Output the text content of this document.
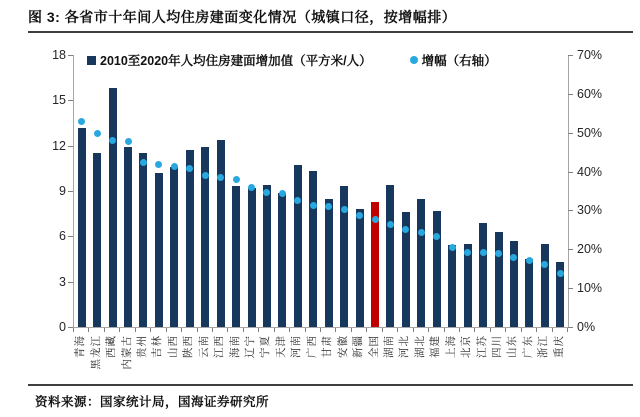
图 3: 各省市十年间人均住房建面变化情况（城镇口径，按增幅排）
2010至2020年人均住房建面增加值（平方米/人）	增幅（右轴）
青海 黑龙江 西藏 内蒙古 贵州 吉林 山西 陕西 云南 江西 海南 辽宁 宁夏 天津 河南 广西 甘肃 安徽 新疆 全国 湖南 河北 湖北 福建 上海 北京 江苏 四川 山东 广东 浙江 重庆
18
15
12
9
6
3
0
70%
60%
50%
40%
30%
20%
10%
0%
资料来源：国家统计局，国海证券研究所
